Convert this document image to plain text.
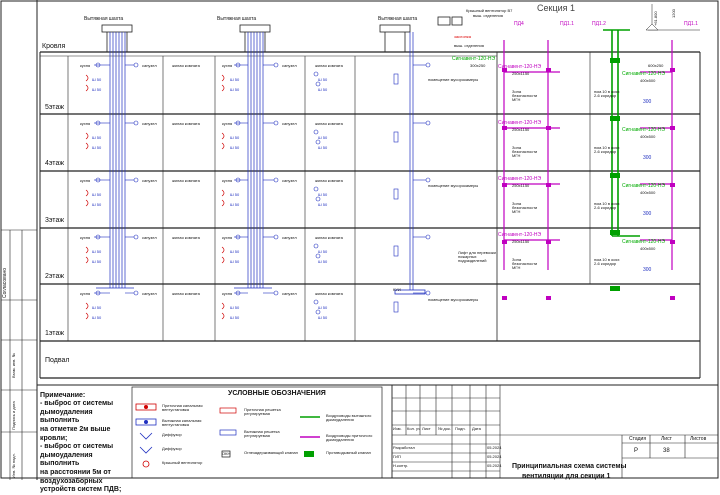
Вытяжная шахта	Вытяжная шахта	Вытяжная шахта
Крышный вентилятор В7
выш. отделения
заслонка
выш. отделения
Секция 1
+61.800	1200
ПД4	ПД1.1	ПД1.2	ПД1.1
Кровля
5этаж
4этаж
3этаж
2этаж
1этаж
Подвал
кухня	санузел	жилая комната	кухня	санузел	жилая комната
Ш 50
Ш 50
Ш 50
Ш 50
Ш 50
Ш 50
кухня	санузел	жилая комната	кухня	санузел	жилая комната
Ш 50
Ш 50
Ш 50
Ш 50
Ш 50
Ш 50
кухня	санузел	жилая комната	кухня	санузел	жилая комната
Ш 50
Ш 50
Ш 50
Ш 50
Ш 50
Ш 50
кухня	санузел	жилая комната	кухня	санузел	жилая комната
Ш 50
Ш 50
Ш 50
Ш 50
Ш 50
Ш 50
кухня	санузел	жилая комната	кухня	санузел	жилая комната
Ш 50
Ш 50
Ш 50
Ш 50
Ш 50
Ш 50
помещение мусорокамеры
помещение мусорокамеры
помещение мусорокамеры
Лифт для перевозки пожарных подразделений
КУИ
Зона безопасности МГН
пом.10 в осях 2-6 коридор
Зона безопасности МГН
пом.10 в осях 2-6 коридор
Зона безопасности МГН
пом.10 в осях 2-6 коридор
Зона безопасности МГН
пом.10 в осях 2-6 коридор
Сигнавент-120-НЭ
250х1150	Сигнавент-120-НЭ
400х500
300
Сигнавент-120-НЭ
250х1150	Сигнавент-120-НЭ
400х500
300
Сигнавент-120-НЭ
250х1150	Сигнавент-120-НЭ
400х500
300
Сигнавент-120-НЭ
250х1150	Сигнавент-120-НЭ
400х500
300
Сигнавент-120-НЭ
300х250	600х250
Согласовано
Взам. инв. №
Подпись и дата
Инв. № подл.
Примечание:
- выброс от системы
дымоудаления выполнить
на отметке 2м выше
кровли;
- выброс от системы
дымоудаления выполнить
на расстоянии 5м от
воздухозаборных
устройств систем ПДВ;
УСЛОВНЫЕ ОБОЗНАЧЕНИЯ
Приточная канальная вентустановка
Вытяжная канальная вентустановка
Диффузор
Диффузор
Крышный вентилятор
Приточная решетка регулируемая
Вытяжная решетка регулируемая
Огнезадерживающий клапан
ОКН
Воздуховоды вытяжного дымоудаления
Воздуховоды приточного дымоудаления
Противодымный клапан
Изм. Кол. уч Лист № док. Подп. Дата
Разработал	05.2024
ГИП	05.2024
Н.контр.	05.2024
Стадия	Лист	Листов
Р	38
Принципиальная схема системы
вентиляции для секции 1
